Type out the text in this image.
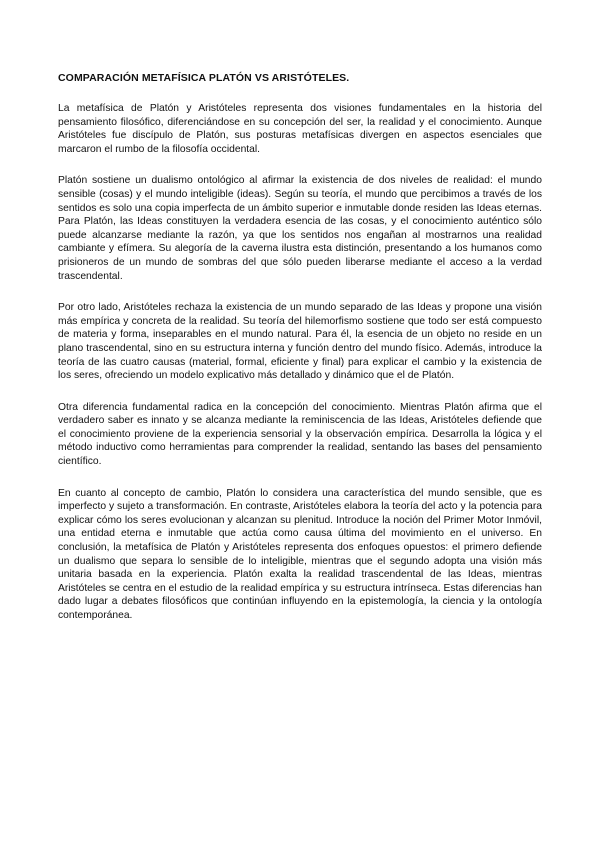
COMPARACIÓN METAFÍSICA PLATÓN VS ARISTÓTELES.

La metafísica de Platón y Aristóteles representa dos visiones fundamentales en la historia del pensamiento filosófico, diferenciándose en su concepción del ser, la realidad y el conocimiento. Aunque Aristóteles fue discípulo de Platón, sus posturas metafísicas divergen en aspectos esenciales que marcaron el rumbo de la filosofía occidental.

Platón sostiene un dualismo ontológico al afirmar la existencia de dos niveles de realidad: el mundo sensible (cosas) y el mundo inteligible (ideas). Según su teoría, el mundo que percibimos a través de los sentidos es solo una copia imperfecta de un ámbito superior e inmutable donde residen las Ideas eternas. Para Platón, las Ideas constituyen la verdadera esencia de las cosas, y el conocimiento auténtico sólo puede alcanzarse mediante la razón, ya que los sentidos nos engañan al mostrarnos una realidad cambiante y efímera. Su alegoría de la caverna ilustra esta distinción, presentando a los humanos como prisioneros de un mundo de sombras del que sólo pueden liberarse mediante el acceso a la verdad trascendental.

Por otro lado, Aristóteles rechaza la existencia de un mundo separado de las Ideas y propone una visión más empírica y concreta de la realidad. Su teoría del hilemorfismo sostiene que todo ser está compuesto de materia y forma, inseparables en el mundo natural. Para él, la esencia de un objeto no reside en un plano trascendental, sino en su estructura interna y función dentro del mundo físico. Además, introduce la teoría de las cuatro causas (material, formal, eficiente y final) para explicar el cambio y la existencia de los seres, ofreciendo un modelo explicativo más detallado y dinámico que el de Platón.

Otra diferencia fundamental radica en la concepción del conocimiento. Mientras Platón afirma que el verdadero saber es innato y se alcanza mediante la reminiscencia de las Ideas, Aristóteles defiende que el conocimiento proviene de la experiencia sensorial y la observación empírica. Desarrolla la lógica y el método inductivo como herramientas para comprender la realidad, sentando las bases del pensamiento científico.

En cuanto al concepto de cambio, Platón lo considera una característica del mundo sensible, que es imperfecto y sujeto a transformación. En contraste, Aristóteles elabora la teoría del acto y la potencia para explicar cómo los seres evolucionan y alcanzan su plenitud. Introduce la noción del Primer Motor Inmóvil, una entidad eterna e inmutable que actúa como causa última del movimiento en el universo. En conclusión, la metafísica de Platón y Aristóteles representa dos enfoques opuestos: el primero defiende un dualismo que separa lo sensible de lo inteligible, mientras que el segundo adopta una visión más unitaria basada en la experiencia. Platón exalta la realidad trascendental de las Ideas, mientras Aristóteles se centra en el estudio de la realidad empírica y su estructura intrínseca. Estas diferencias han dado lugar a debates filosóficos que continúan influyendo en la epistemología, la ciencia y la ontología contemporánea.
